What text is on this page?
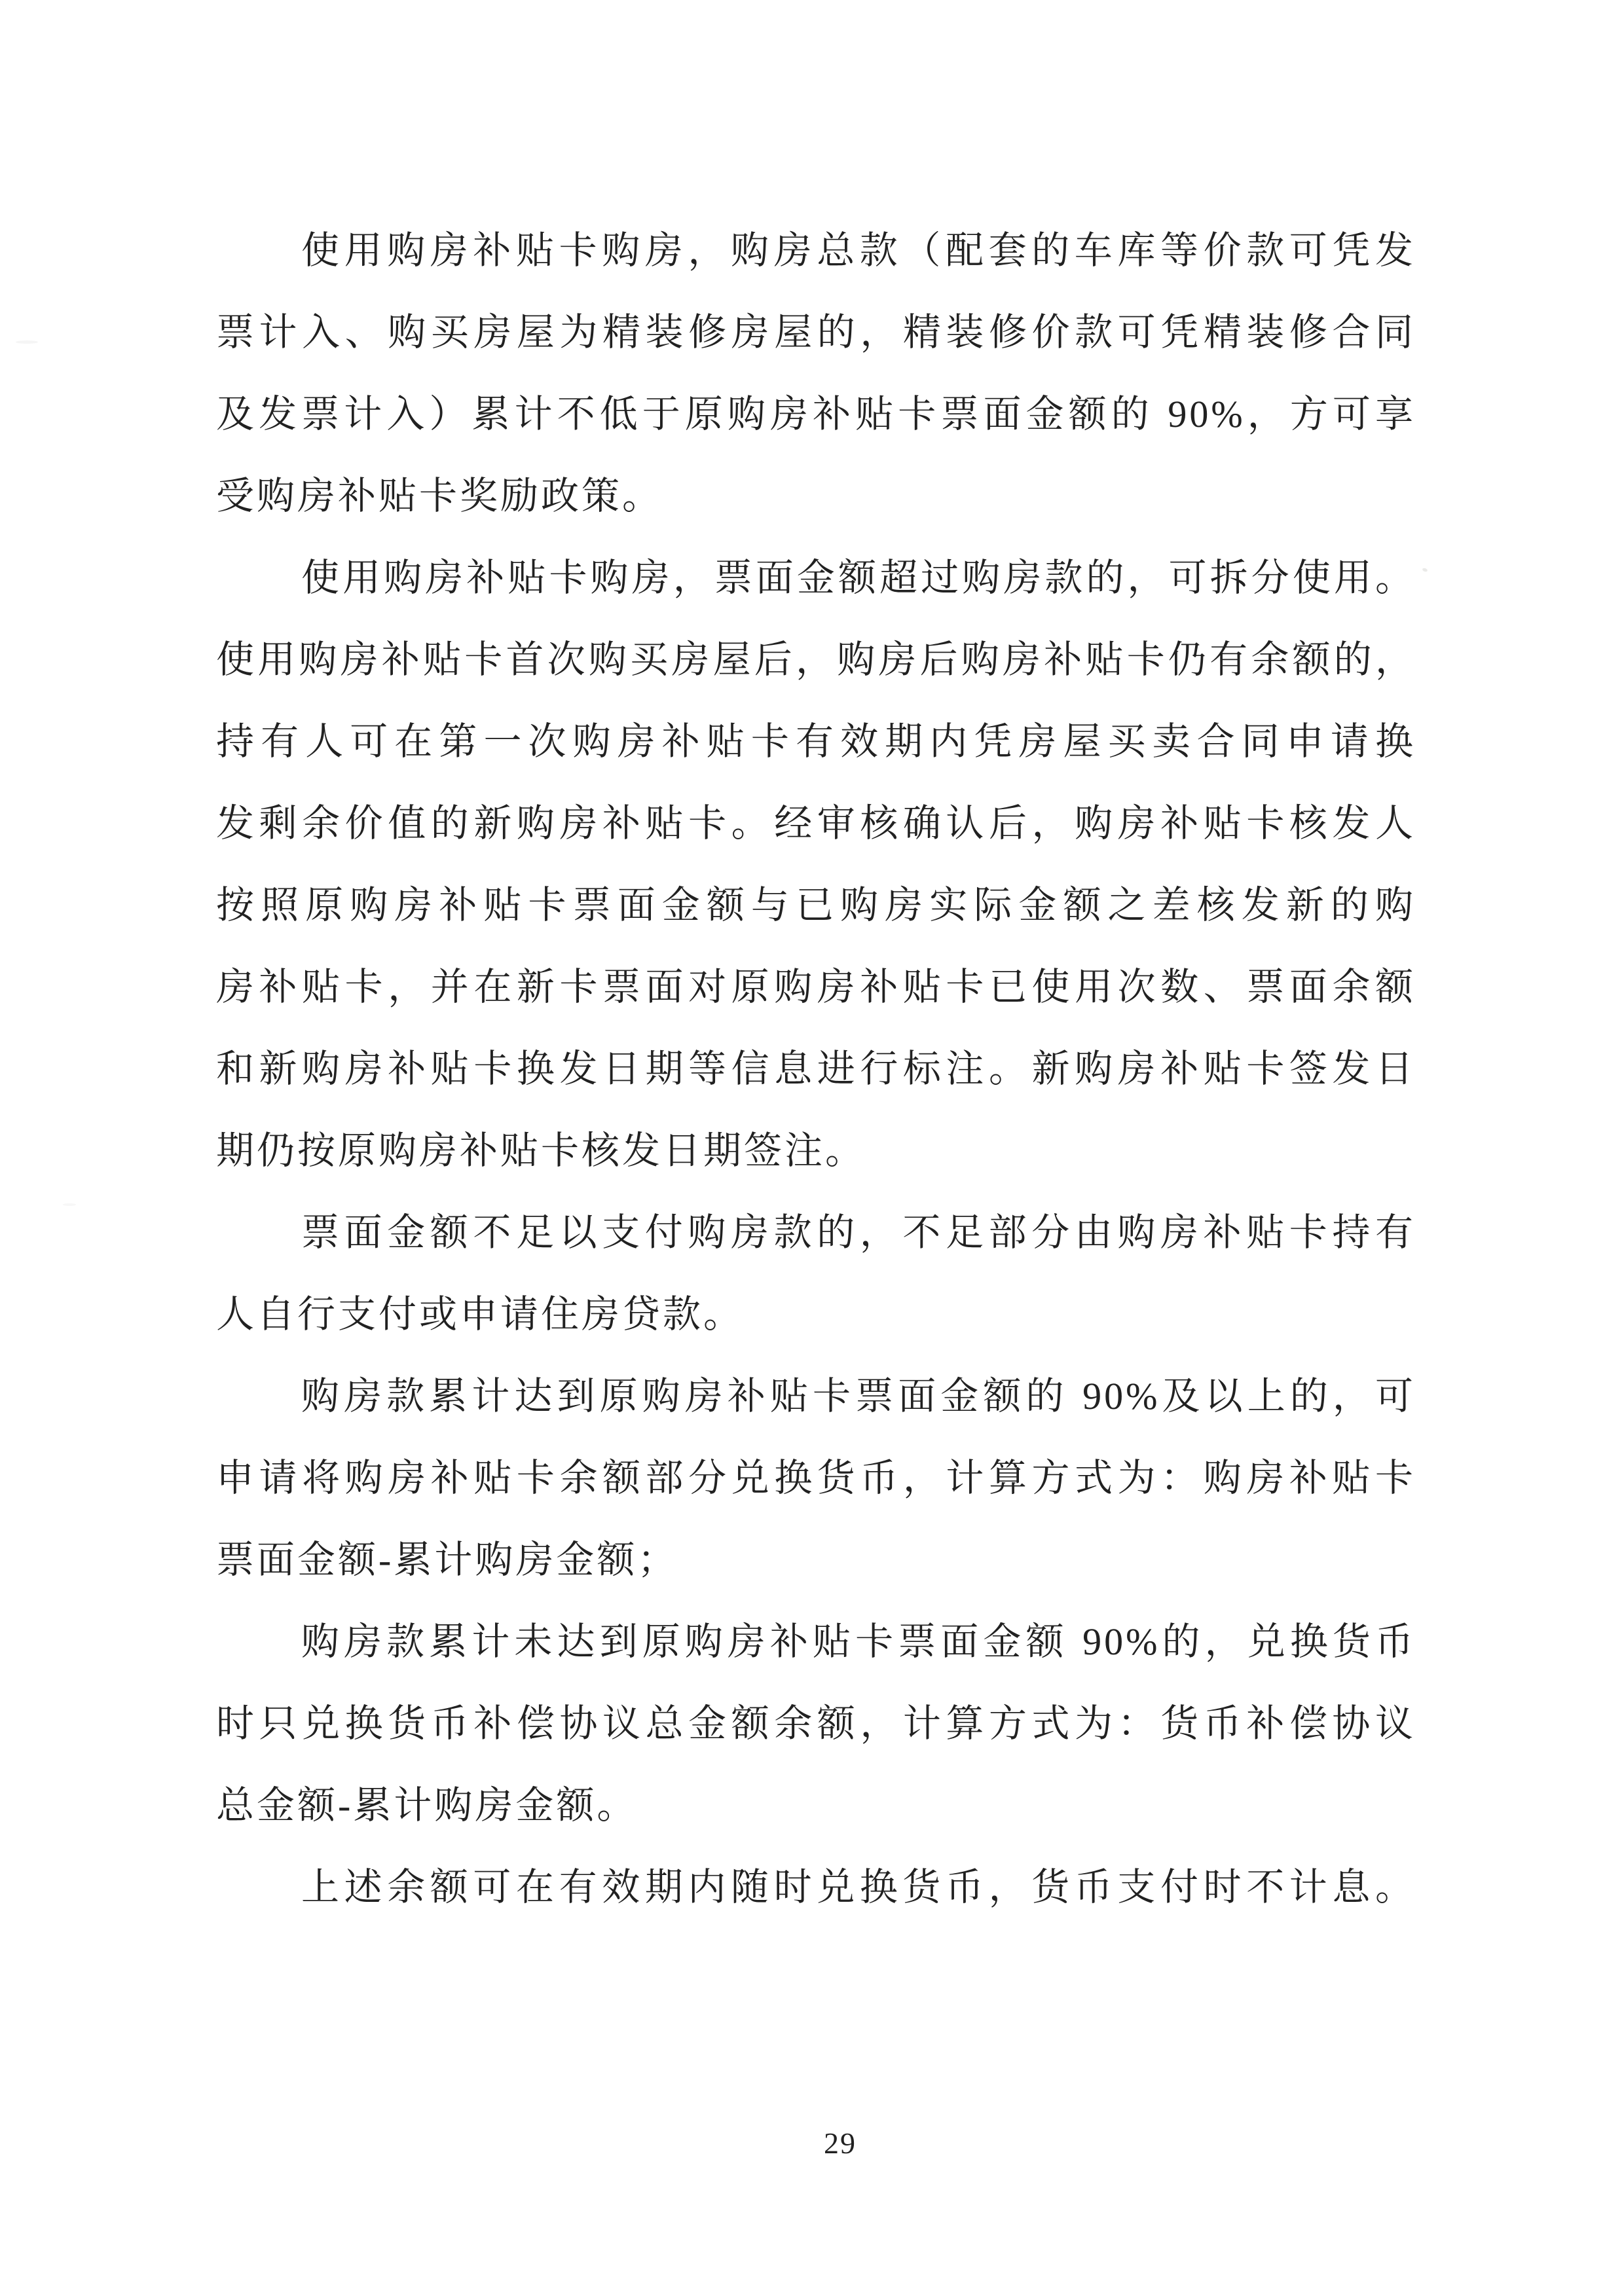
使用购房补贴卡购房，购房总款（配套的车库等价款可凭发
票计入、购买房屋为精装修房屋的，精装修价款可凭精装修合同
及发票计入）累计不低于原购房补贴卡票面金额的 90%，方可享
受购房补贴卡奖励政策。
使用购房补贴卡购房，票面金额超过购房款的，可拆分使用。
使用购房补贴卡首次购买房屋后，购房后购房补贴卡仍有余额的，
持有人可在第一次购房补贴卡有效期内凭房屋买卖合同申请换
发剩余价值的新购房补贴卡。经审核确认后，购房补贴卡核发人
按照原购房补贴卡票面金额与已购房实际金额之差核发新的购
房补贴卡，并在新卡票面对原购房补贴卡已使用次数、票面余额
和新购房补贴卡换发日期等信息进行标注。新购房补贴卡签发日
期仍按原购房补贴卡核发日期签注。
票面金额不足以支付购房款的，不足部分由购房补贴卡持有
人自行支付或申请住房贷款。
购房款累计达到原购房补贴卡票面金额的 90%及以上的，可
申请将购房补贴卡余额部分兑换货币，计算方式为：购房补贴卡
票面金额-累计购房金额；
购房款累计未达到原购房补贴卡票面金额 90%的，兑换货币
时只兑换货币补偿协议总金额余额，计算方式为：货币补偿协议
总金额-累计购房金额。
上述余额可在有效期内随时兑换货币，货币支付时不计息。
29
